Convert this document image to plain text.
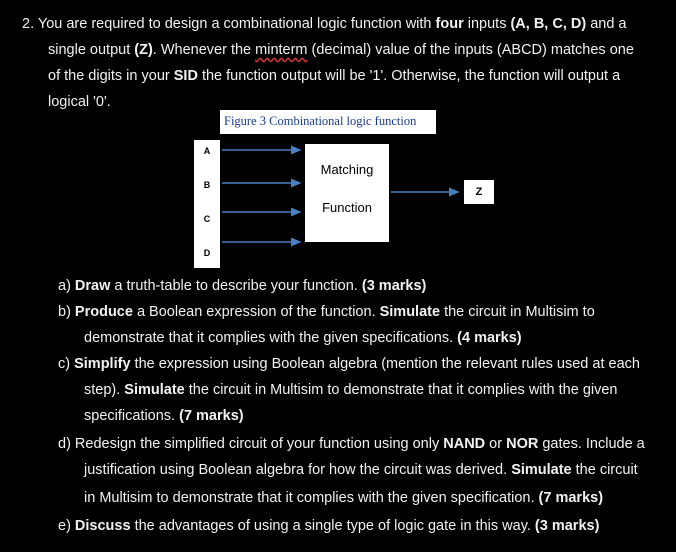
2. You are required to design a combinational logic function with four inputs (A, B, C, D) and a
single output (Z). Whenever the minterm (decimal) value of the inputs (ABCD) matches one
of the digits in your SID the function output will be '1'. Otherwise, the function will output a
logical '0'.
Figure 3 Combinational logic function
A
B
C
D
Matching
Function
Z
a) Draw a truth-table to describe your function. (3 marks)
b) Produce a Boolean expression of the function. Simulate the circuit in Multisim to
demonstrate that it complies with the given specifications. (4 marks)
c) Simplify the expression using Boolean algebra (mention the relevant rules used at each
step). Simulate the circuit in Multisim to demonstrate that it complies with the given
specifications. (7 marks)
d) Redesign the simplified circuit of your function using only NAND or NOR gates. Include a
justification using Boolean algebra for how the circuit was derived. Simulate the circuit
in Multisim to demonstrate that it complies with the given specification. (7 marks)
e) Discuss the advantages of using a single type of logic gate in this way. (3 marks)
